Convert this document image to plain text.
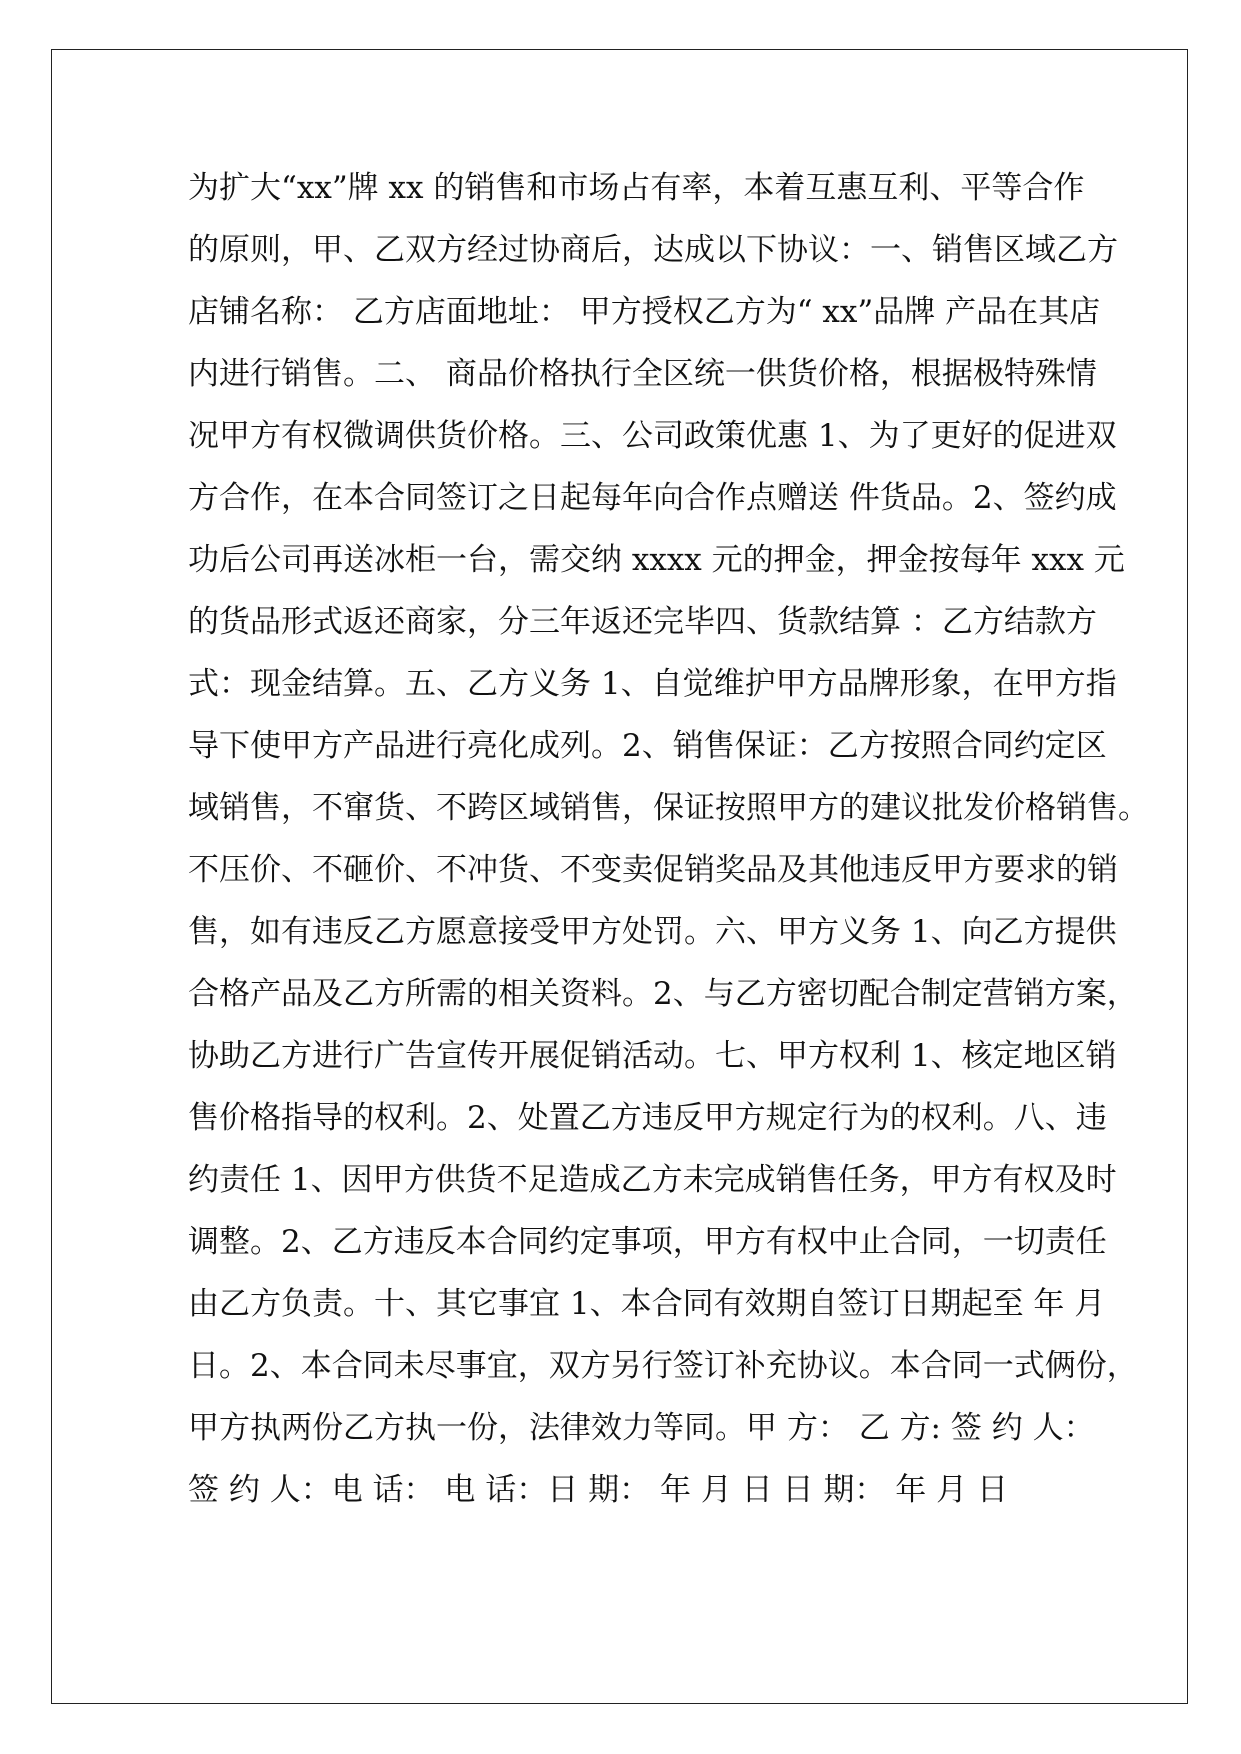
为扩大“xx”牌 xx 的销售和市场占有率，本着互惠互利、平等合作
的原则，甲、乙双方经过协商后，达成以下协议：一、销售区域乙方
店铺名称： 乙方店面地址： 甲方授权乙方为“ xx”品牌 产品在其店
内进行销售。二、 商品价格执行全区统一供货价格，根据极特殊情
况甲方有权微调供货价格。三、公司政策优惠 1、为了更好的促进双
方合作，在本合同签订之日起每年向合作点赠送 件货品。2、签约成
功后公司再送冰柜一台，需交纳 xxxx 元的押金，押金按每年 xxx 元
的货品形式返还商家，分三年返还完毕四、货款结算 ：乙方结款方
式：现金结算。五、乙方义务 1、自觉维护甲方品牌形象，在甲方指
导下使甲方产品进行亮化成列。2、销售保证：乙方按照合同约定区
域销售，不窜货、不跨区域销售，保证按照甲方的建议批发价格销售。
不压价、不砸价、不冲货、不变卖促销奖品及其他违反甲方要求的销
售，如有违反乙方愿意接受甲方处罚。六、甲方义务 1、向乙方提供
合格产品及乙方所需的相关资料。2、与乙方密切配合制定营销方案，
协助乙方进行广告宣传开展促销活动。七、甲方权利 1、核定地区销
售价格指导的权利。2、处置乙方违反甲方规定行为的权利。八、违
约责任 1、因甲方供货不足造成乙方未完成销售任务，甲方有权及时
调整。2、乙方违反本合同约定事项，甲方有权中止合同，一切责任
由乙方负责。十、其它事宜 1、本合同有效期自签订日期起至 年 月
日。2、本合同未尽事宜，双方另行签订补充协议。本合同一式俩份，
甲方执两份乙方执一份，法律效力等同。甲 方： 乙 方: 签 约 人：
签 约 人：电 话： 电 话：日 期： 年 月 日 日 期： 年 月 日
